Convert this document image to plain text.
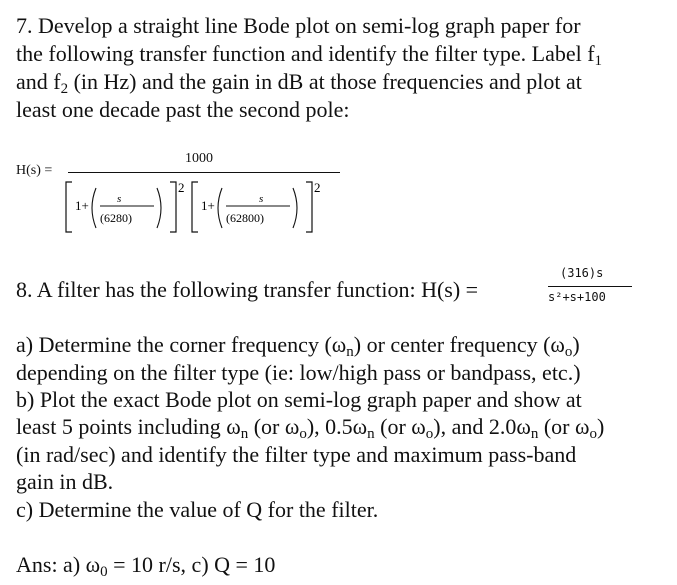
7. Develop a straight line Bode plot on semi-log graph paper for
the following transfer function and identify the filter type. Label $f_1$
and $f_2$ (in Hz) and the gain in dB at those frequencies and plot at
least one decade past the second pole:
H(s) =
1000
1+	s
(6280)
2
1+	s
(62800)
2
8. A filter has the following transfer function: H(s) =
(316)s
s²+s+100
a) Determine the corner frequency $(\omega_n)$ or center frequency $(\omega_o)$
depending on the filter type (ie: low/high pass or bandpass, etc.)
b) Plot the exact Bode plot on semi-log graph paper and show at
least 5 points including $\omega_n$ (or $\omega_o$), $0.5\omega_n$ (or $\omega_o$), and $2.0\omega_n$ (or $\omega_o$)
(in rad/sec) and identify the filter type and maximum pass-band
gain in dB.
c) Determine the value of Q for the filter.
Ans: a) $\omega_0 = 10$ r/s, c) Q = 10
